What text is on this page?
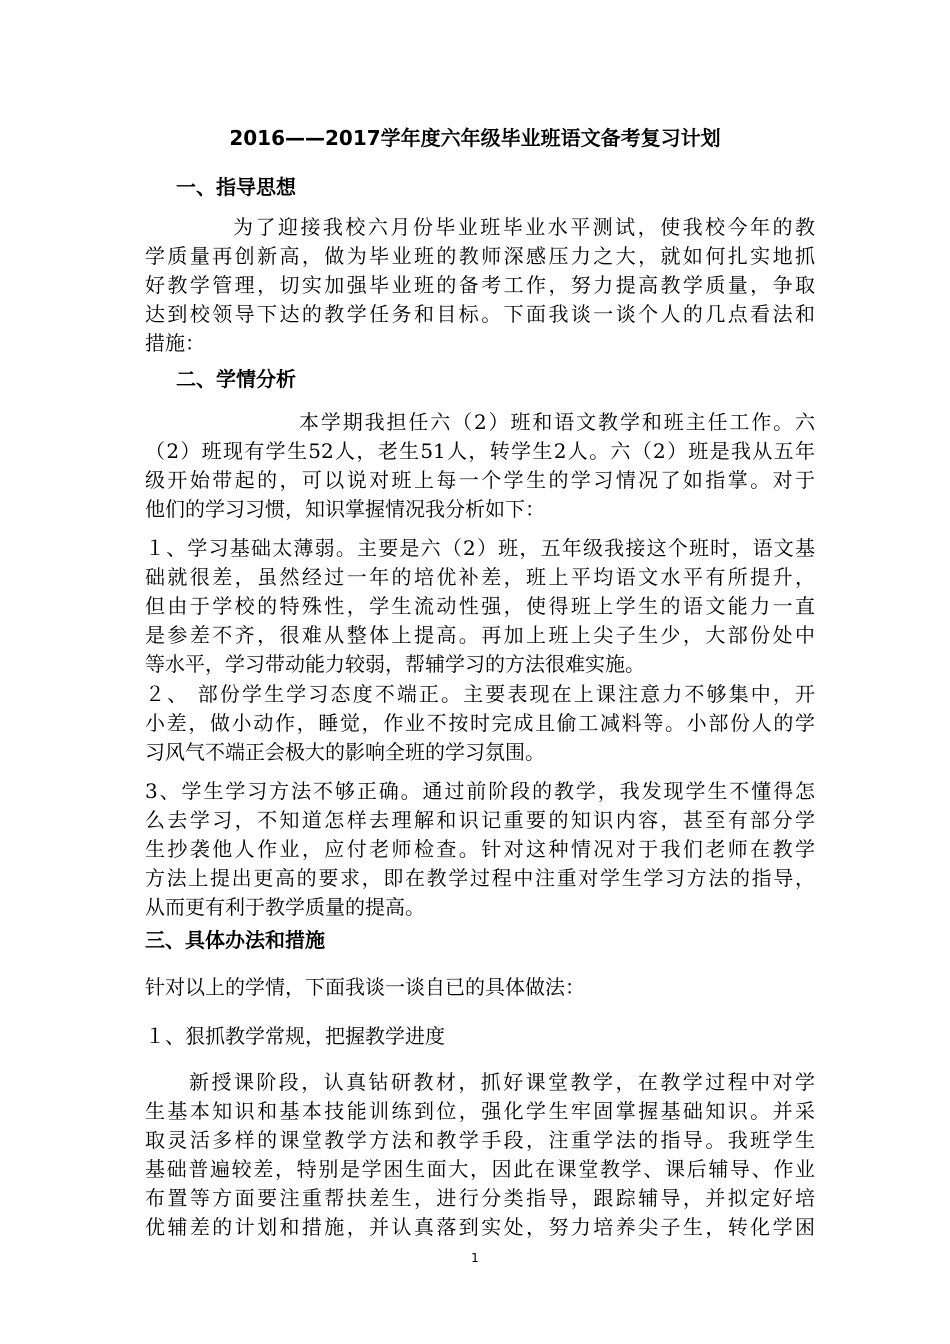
2016——2017学年度六年级毕业班语文备考复习计划
一、指导思想
为了迎接我校六月份毕业班毕业水平测试，使我校今年的教
学质量再创新高，做为毕业班的教师深感压力之大，就如何扎实地抓
好教学管理，切实加强毕业班的备考工作，努力提高教学质量，争取
达到校领导下达的教学任务和目标。下面我谈一谈个人的几点看法和
措施：
二、学情分析
本学期我担任六（2）班和语文教学和班主任工作。六
（2）班现有学生52人，老生51人，转学生2人。六（2）班是我从五年
级开始带起的，可以说对班上每一个学生的学习情况了如指掌。对于
他们的学习习惯，知识掌握情况我分析如下：
１、学习基础太薄弱。主要是六（2）班，五年级我接这个班时，语文基
础就很差，虽然经过一年的培优补差，班上平均语文水平有所提升，
但由于学校的特殊性，学生流动性强，使得班上学生的语文能力一直
是参差不齐，很难从整体上提高。再加上班上尖子生少，大部份处中
等水平，学习带动能力较弱，帮辅学习的方法很难实施。
２、 部份学生学习态度不端正。主要表现在上课注意力不够集中，开
小差，做小动作，睡觉，作业不按时完成且偷工减料等。小部份人的学
习风气不端正会极大的影响全班的学习氛围。
3、学生学习方法不够正确。通过前阶段的教学，我发现学生不懂得怎
么去学习，不知道怎样去理解和识记重要的知识内容，甚至有部分学
生抄袭他人作业，应付老师检查。针对这种情况对于我们老师在教学
方法上提出更高的要求，即在教学过程中注重对学生学习方法的指导，
从而更有利于教学质量的提高。
三、具体办法和措施
针对以上的学情，下面我谈一谈自已的具体做法：
１、狠抓教学常规，把握教学进度
新授课阶段，认真钻研教材，抓好课堂教学，在教学过程中对学
生基本知识和基本技能训练到位，强化学生牢固掌握基础知识。并采
取灵活多样的课堂教学方法和教学手段，注重学法的指导。我班学生
基础普遍较差，特别是学困生面大，因此在课堂教学、课后辅导、作业
布置等方面要注重帮扶差生，进行分类指导，跟踪辅导，并拟定好培
优辅差的计划和措施，并认真落到实处，努力培养尖子生，转化学困
1
